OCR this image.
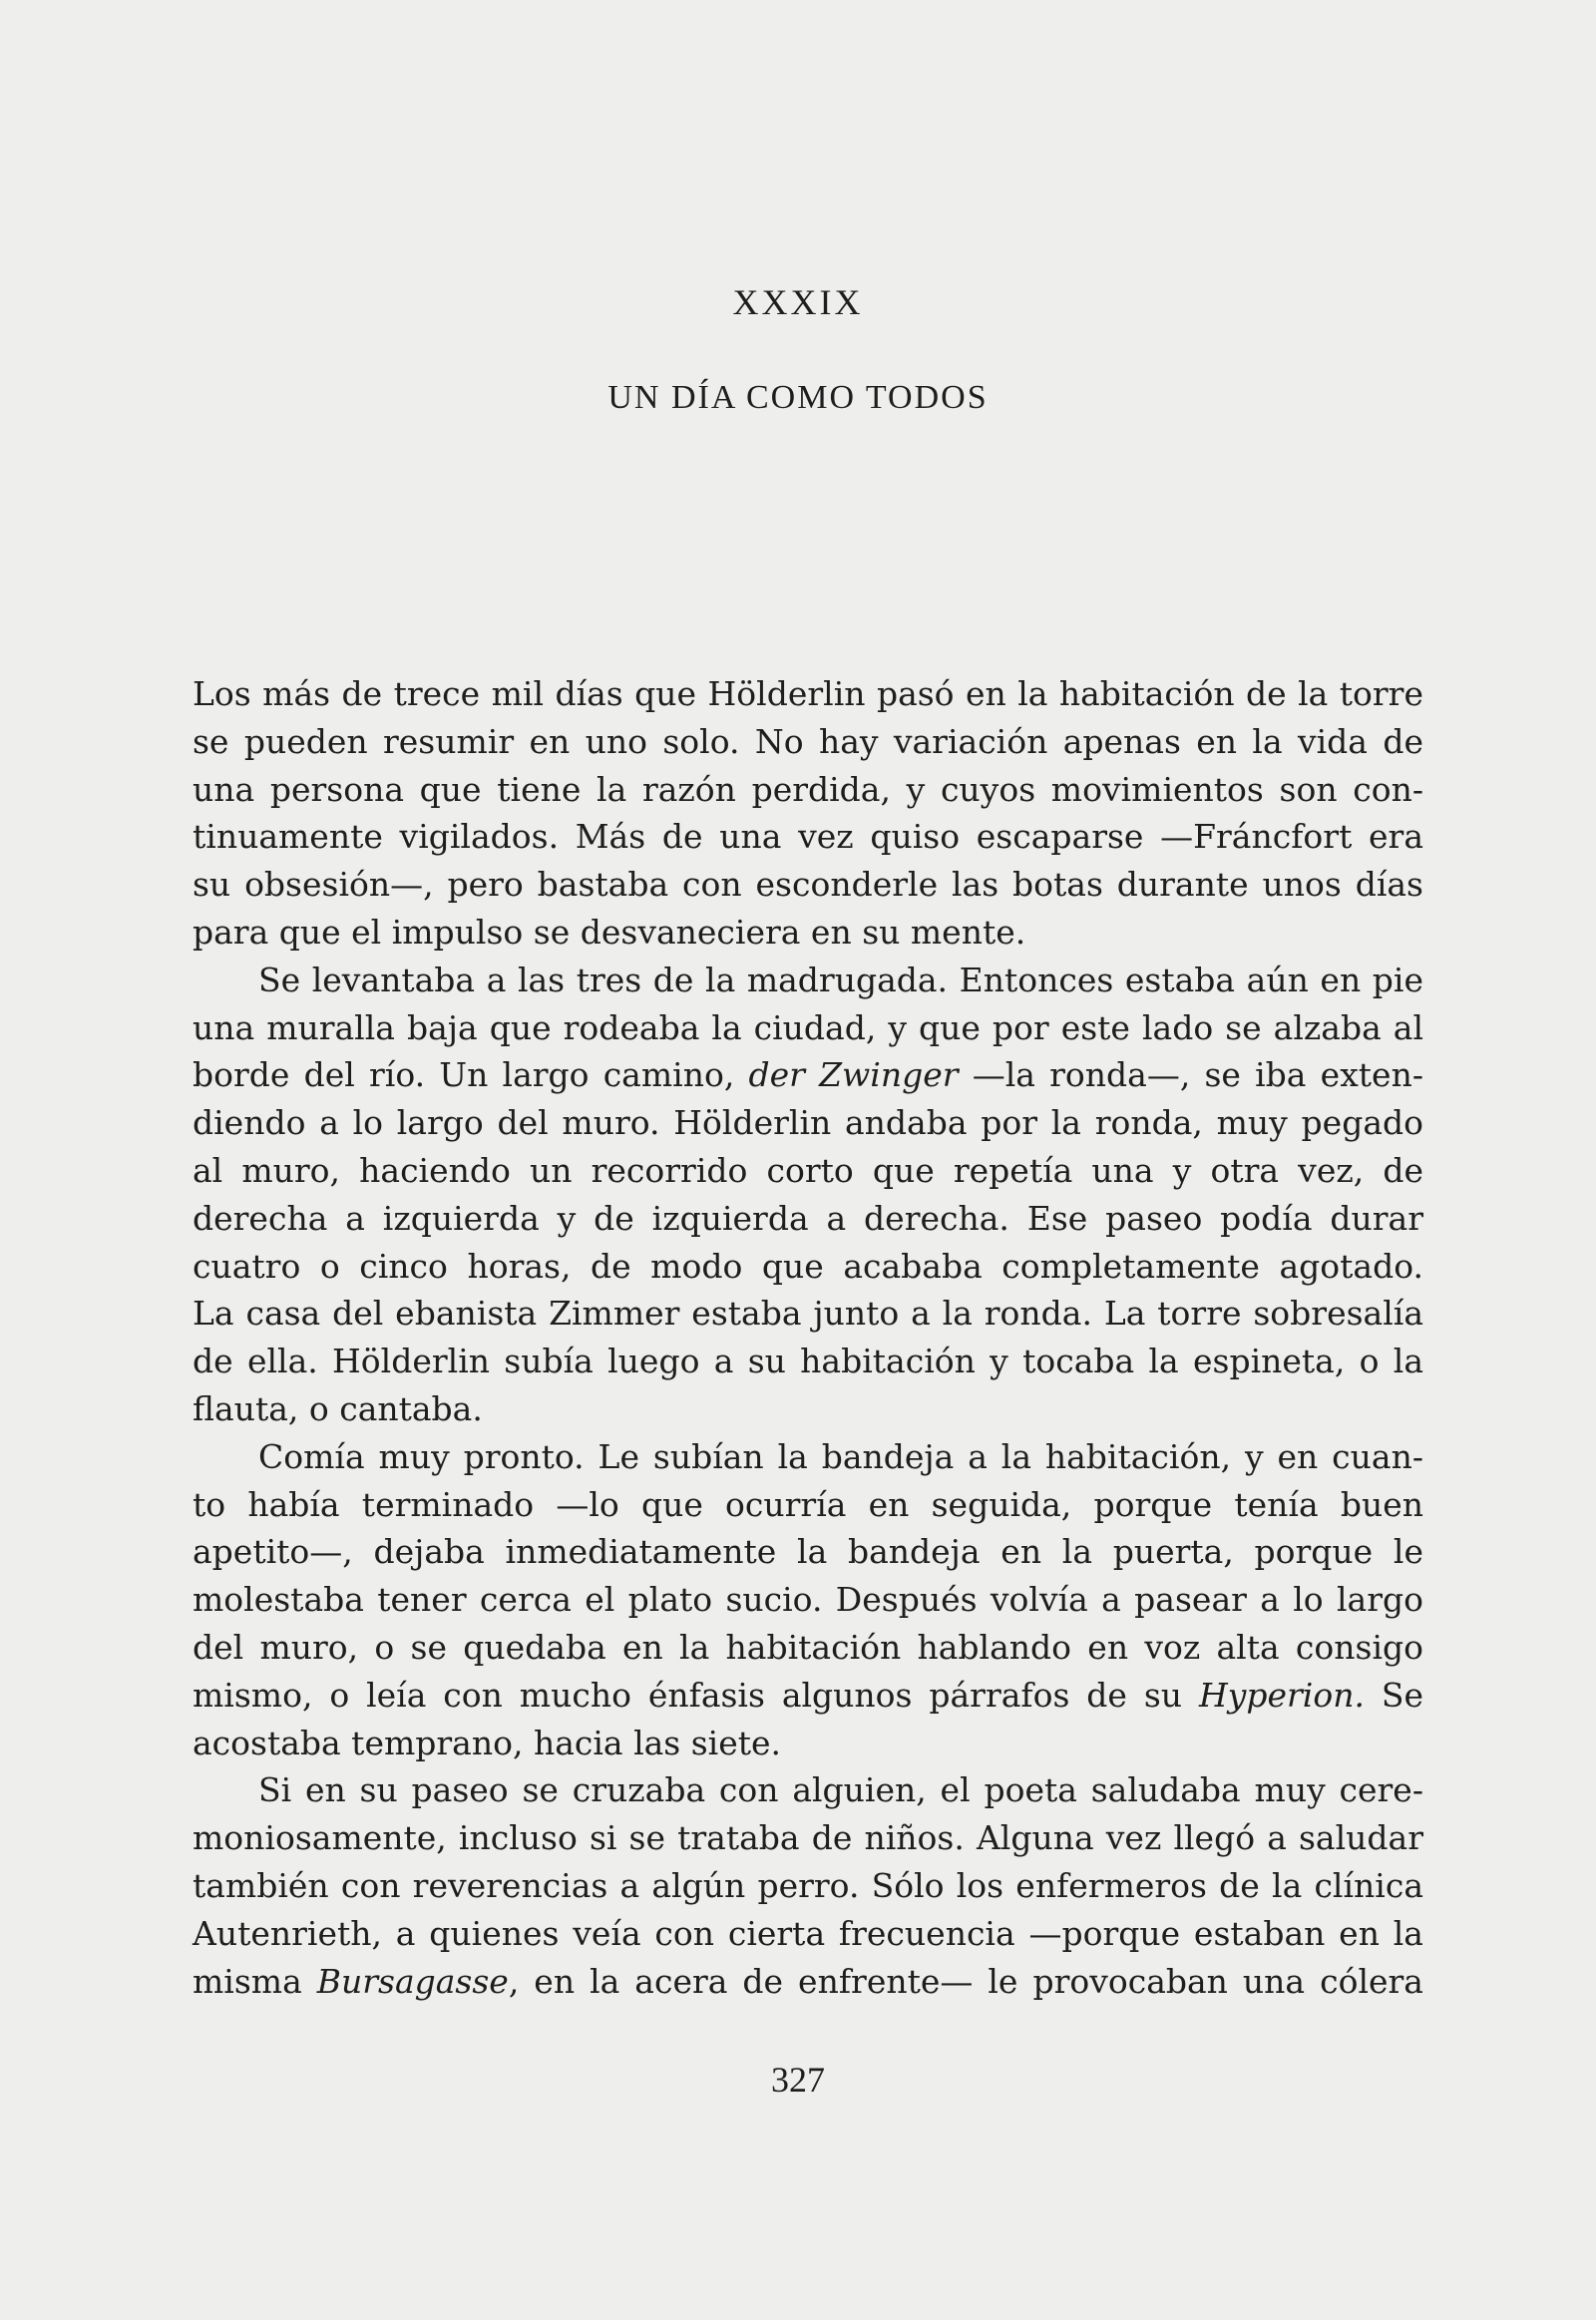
XXXIX
UN DÍA COMO TODOS
Los más de trece mil días que Hölderlin pasó en la habitación de la torre
se pueden resumir en uno solo. No hay variación apenas en la vida de
una persona que tiene la razón perdida, y cuyos movimientos son con-
tinuamente vigilados. Más de una vez quiso escaparse —Fráncfort era
su obsesión—, pero bastaba con esconderle las botas durante unos días
para que el impulso se desvaneciera en su mente.
Se levantaba a las tres de la madrugada. Entonces estaba aún en pie
una muralla baja que rodeaba la ciudad, y que por este lado se alzaba al
borde del río. Un largo camino, der Zwinger —la ronda—, se iba exten-
diendo a lo largo del muro. Hölderlin andaba por la ronda, muy pegado
al muro, haciendo un recorrido corto que repetía una y otra vez, de
derecha a izquierda y de izquierda a derecha. Ese paseo podía durar
cuatro o cinco horas, de modo que acababa completamente agotado.
La casa del ebanista Zimmer estaba junto a la ronda. La torre sobresalía
de ella. Hölderlin subía luego a su habitación y tocaba la espineta, o la
flauta, o cantaba.
Comía muy pronto. Le subían la bandeja a la habitación, y en cuan-
to había terminado —lo que ocurría en seguida, porque tenía buen
apetito—, dejaba inmediatamente la bandeja en la puerta, porque le
molestaba tener cerca el plato sucio. Después volvía a pasear a lo largo
del muro, o se quedaba en la habitación hablando en voz alta consigo
mismo, o leía con mucho énfasis algunos párrafos de su Hyperion. Se
acostaba temprano, hacia las siete.
Si en su paseo se cruzaba con alguien, el poeta saludaba muy cere-
moniosamente, incluso si se trataba de niños. Alguna vez llegó a saludar
también con reverencias a algún perro. Sólo los enfermeros de la clínica
Autenrieth, a quienes veía con cierta frecuencia —porque estaban en la
misma Bursagasse, en la acera de enfrente— le provocaban una cólera
327
